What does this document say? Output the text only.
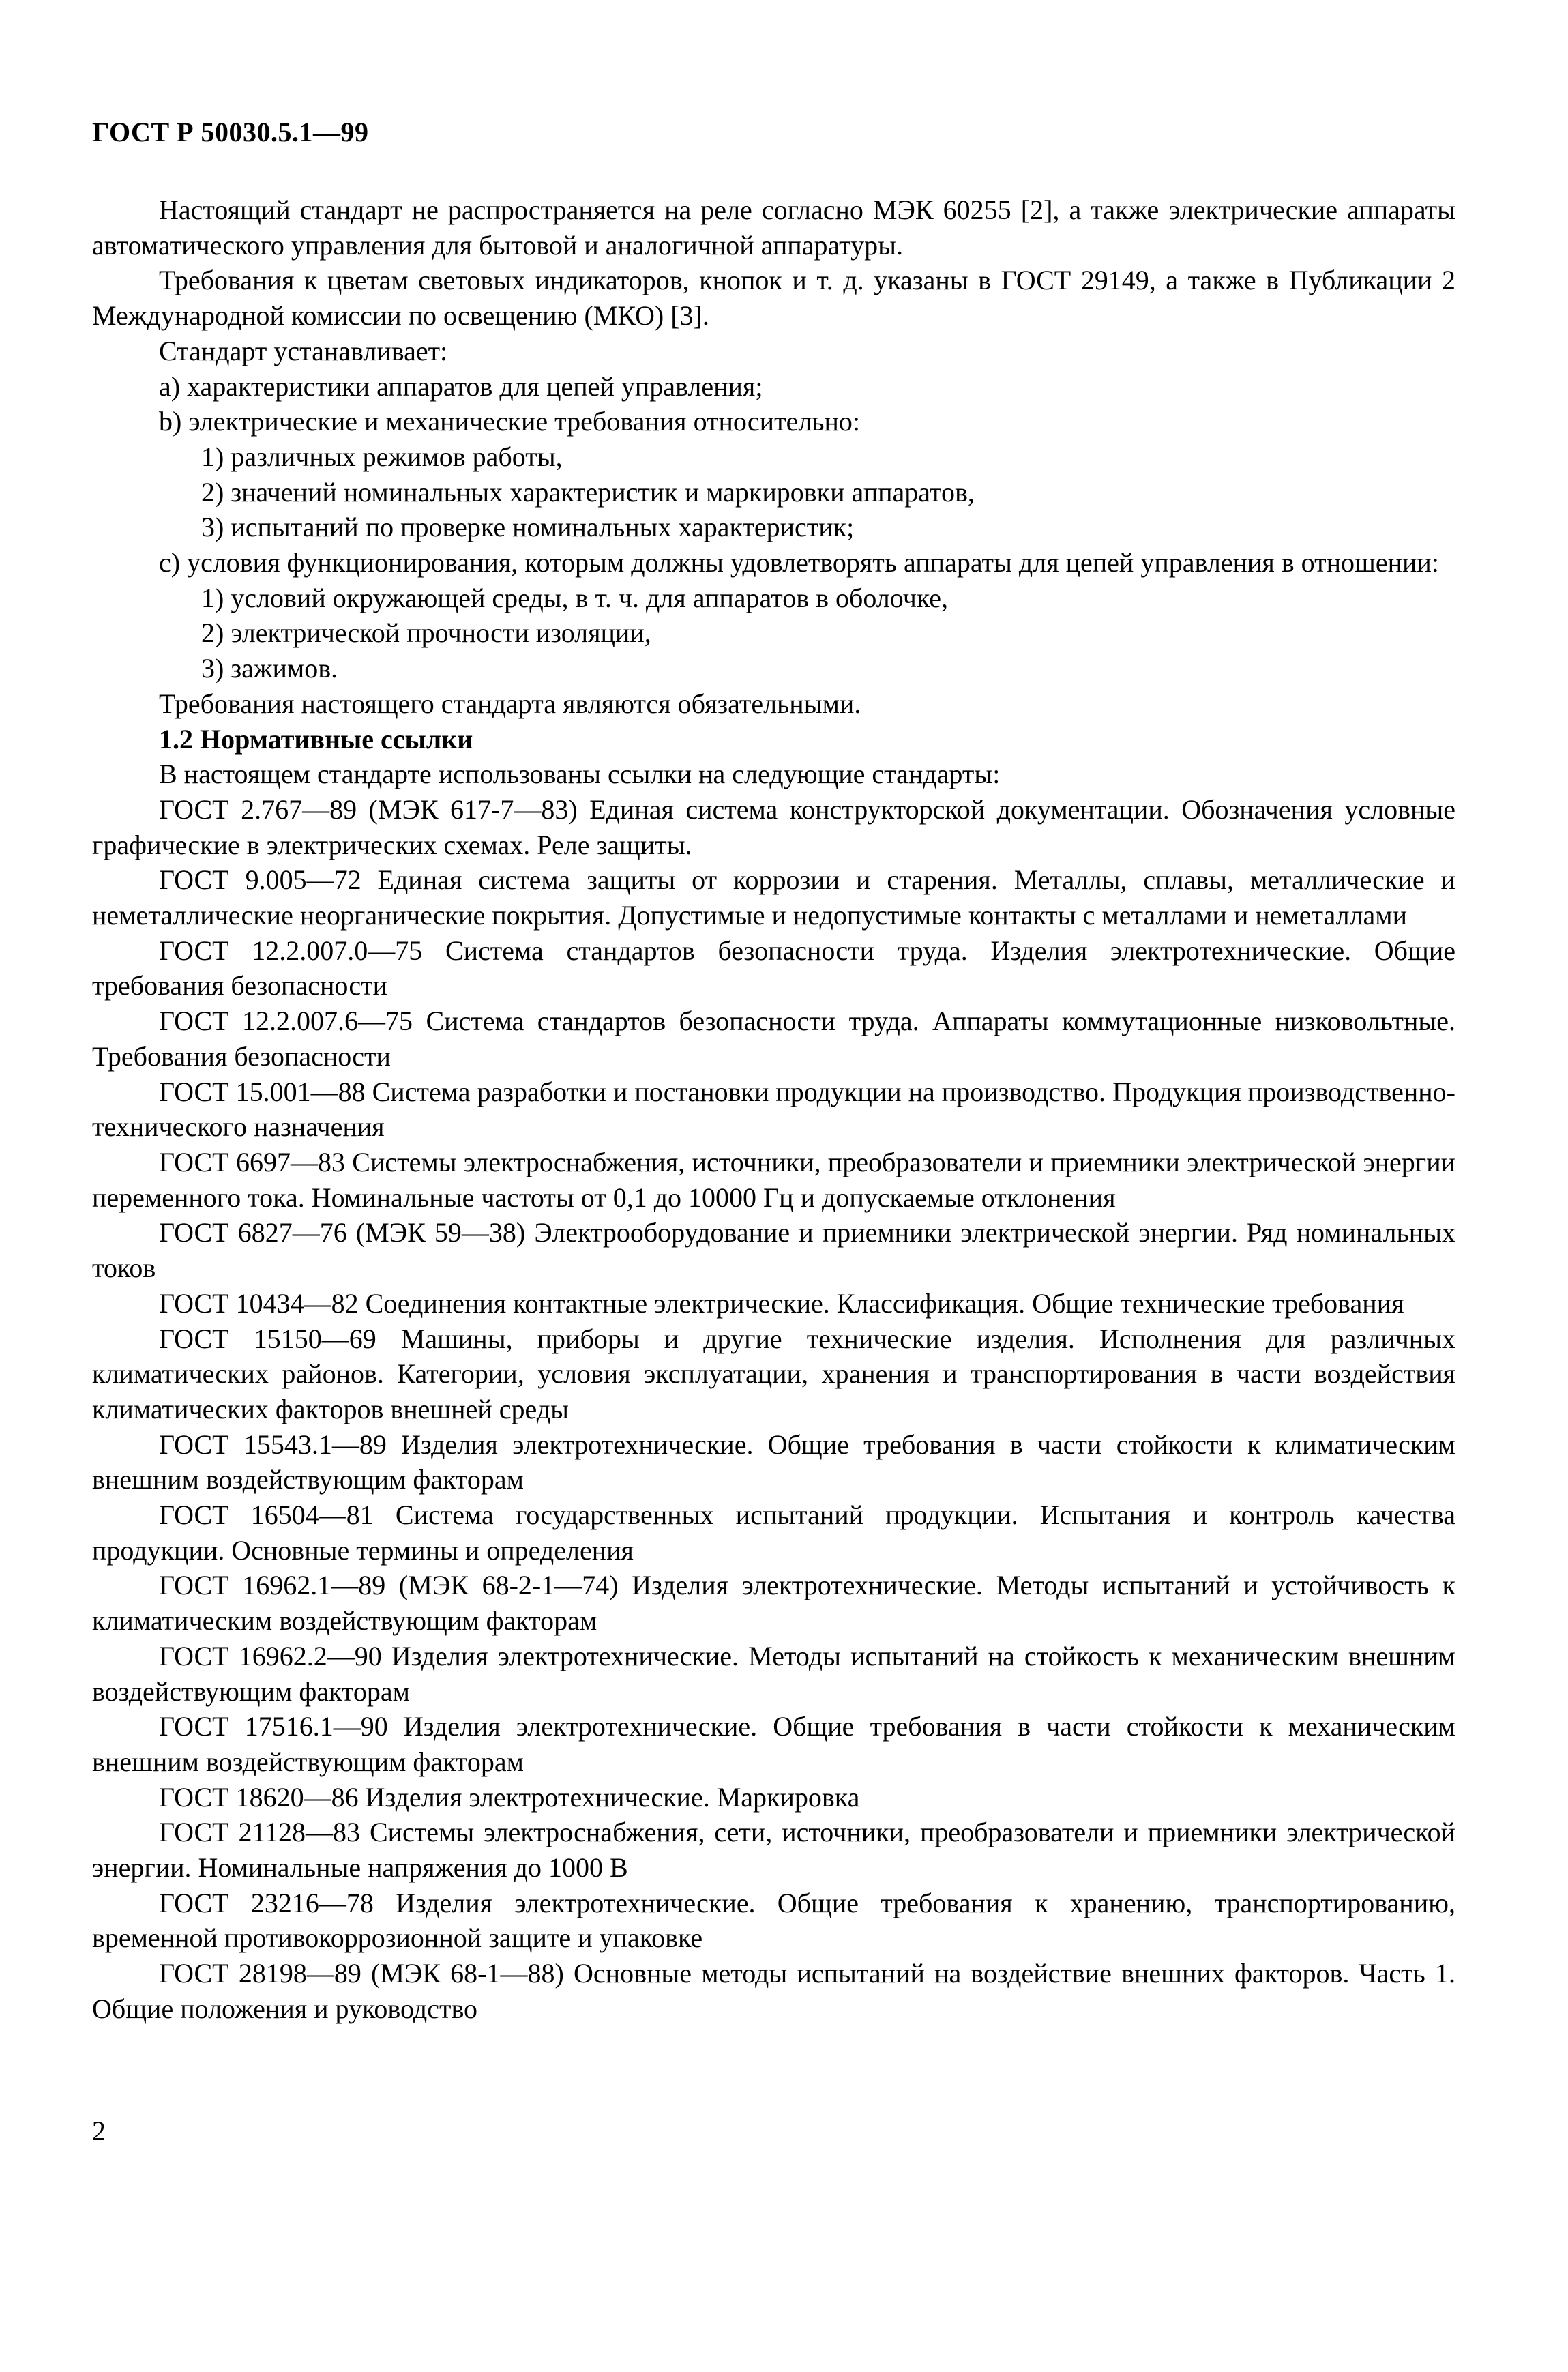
ГОСТ Р 50030.5.1—99

Настоящий стандарт не распространяется на реле согласно МЭК 60255 [2], а также электрические аппараты автоматического управления для бытовой и аналогичной аппаратуры.

Требования к цветам световых индикаторов, кнопок и т. д. указаны в ГОСТ 29149, а также в Публикации 2 Международной комиссии по освещению (МКО) [3].

Стандарт устанавливает:

a) характеристики аппаратов для цепей управления;

b) электрические и механические требования относительно:

1) различных режимов работы,

2) значений номинальных характеристик и маркировки аппаратов,

3) испытаний по проверке номинальных характеристик;

c) условия функционирования, которым должны удовлетворять аппараты для цепей управления в отношении:

1) условий окружающей среды, в т. ч. для аппаратов в оболочке,

2) электрической прочности изоляции,

3) зажимов.

Требования настоящего стандарта являются обязательными.

1.2 Нормативные ссылки

В настоящем стандарте использованы ссылки на следующие стандарты:

ГОСТ 2.767—89 (МЭК 617-7—83) Единая система конструкторской документации. Обозначения условные графические в электрических схемах. Реле защиты.

ГОСТ 9.005—72 Единая система защиты от коррозии и старения. Металлы, сплавы, металлические и неметаллические неорганические покрытия. Допустимые и недопустимые контакты с металлами и неметаллами

ГОСТ 12.2.007.0—75 Система стандартов безопасности труда. Изделия электротехнические. Общие требования безопасности

ГОСТ 12.2.007.6—75 Система стандартов безопасности труда. Аппараты коммутационные низковольтные. Требования безопасности

ГОСТ 15.001—88 Система разработки и постановки продукции на производство. Продукция производственно-технического назначения

ГОСТ 6697—83 Системы электроснабжения, источники, преобразователи и приемники электрической энергии переменного тока. Номинальные частоты от 0,1 до 10000 Гц и допускаемые отклонения

ГОСТ 6827—76 (МЭК 59—38) Электрооборудование и приемники электрической энергии. Ряд номинальных токов

ГОСТ 10434—82 Соединения контактные электрические. Классификация. Общие технические требования

ГОСТ 15150—69 Машины, приборы и другие технические изделия. Исполнения для различных климатических районов. Категории, условия эксплуатации, хранения и транспортирования в части воздействия климатических факторов внешней среды

ГОСТ 15543.1—89 Изделия электротехнические. Общие требования в части стойкости к климатическим внешним воздействующим факторам

ГОСТ 16504—81 Система государственных испытаний продукции. Испытания и контроль качества продукции. Основные термины и определения

ГОСТ 16962.1—89 (МЭК 68-2-1—74) Изделия электротехнические. Методы испытаний и устойчивость к климатическим воздействующим факторам

ГОСТ 16962.2—90 Изделия электротехнические. Методы испытаний на стойкость к механическим внешним воздействующим факторам

ГОСТ 17516.1—90 Изделия электротехнические. Общие требования в части стойкости к механическим внешним воздействующим факторам

ГОСТ 18620—86 Изделия электротехнические. Маркировка

ГОСТ 21128—83 Системы электроснабжения, сети, источники, преобразователи и приемники электрической энергии. Номинальные напряжения до 1000 В

ГОСТ 23216—78 Изделия электротехнические. Общие требования к хранению, транспортированию, временной противокоррозионной защите и упаковке

ГОСТ 28198—89 (МЭК 68-1—88) Основные методы испытаний на воздействие внешних факторов. Часть 1. Общие положения и руководство

2
